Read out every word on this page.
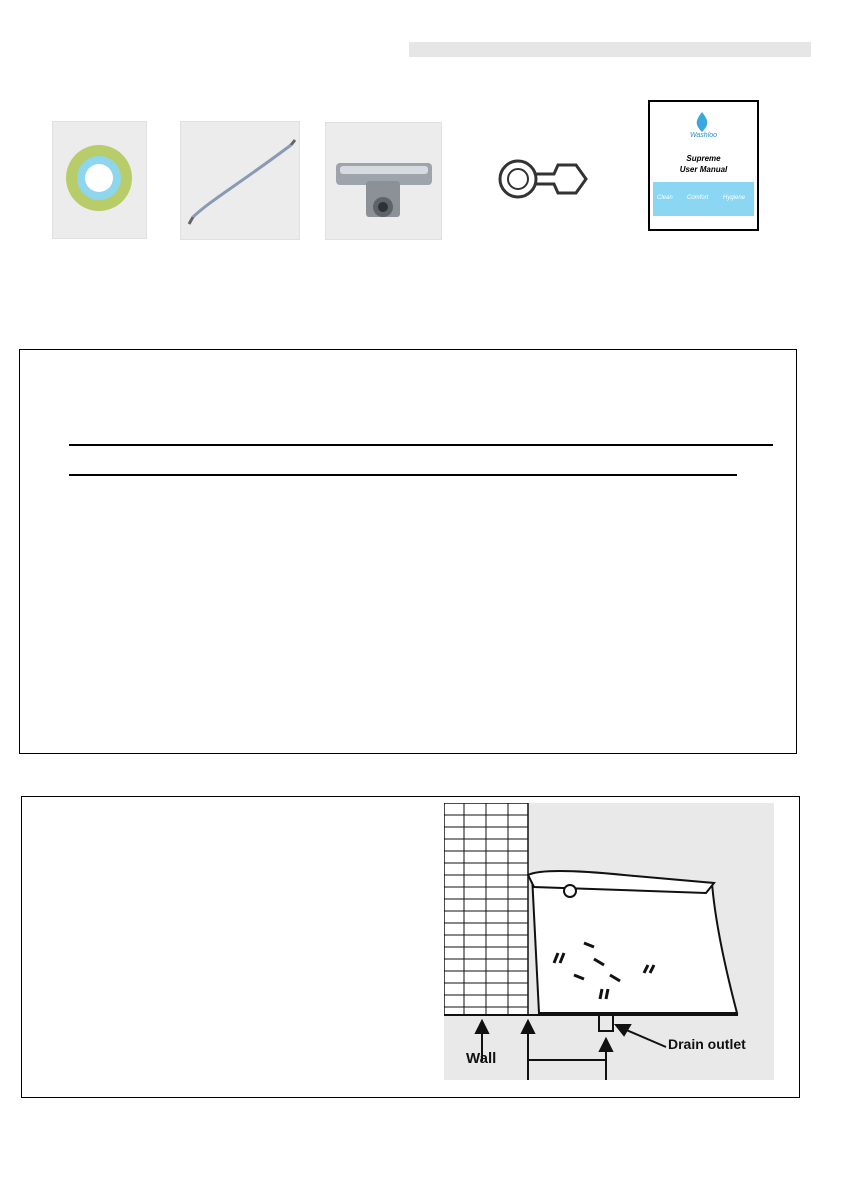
Washloo
Supreme
User Manual
Clean Comfort Hygiene
Wall
Drain outlet
